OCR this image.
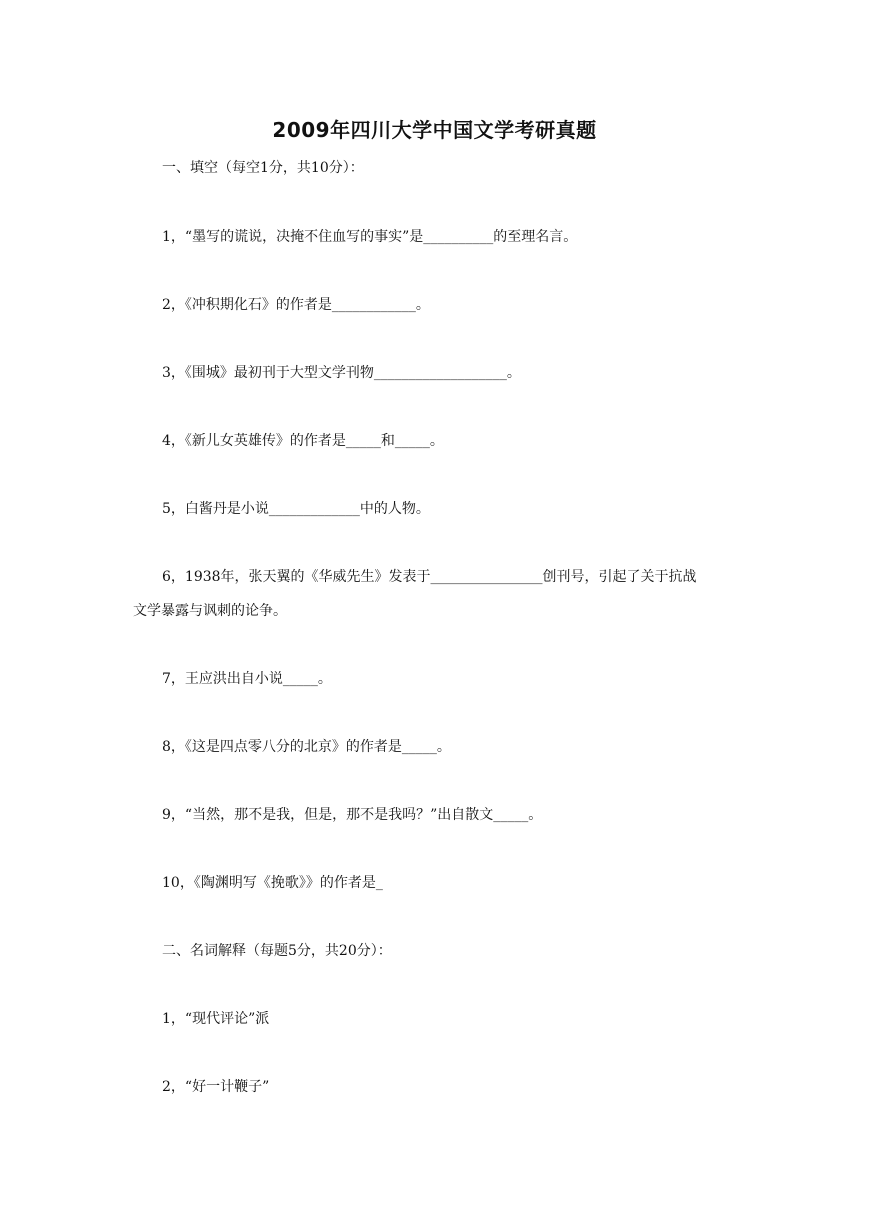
2009年四川大学中国文学考研真题
一、填空（每空1分，共10分）：
1，“墨写的谎说，决掩不住血写的事实”是__________的至理名言。
2，《冲积期化石》的作者是____________。
3，《围城》最初刊于大型文学刊物___________________。
4，《新儿女英雄传》的作者是_____和_____。
5，白酱丹是小说_____________中的人物。
6，1938年，张天翼的《华威先生》发表于________________创刊号，引起了关于抗战
文学暴露与讽刺的论争。
7，王应洪出自小说_____。
8，《这是四点零八分的北京》的作者是_____。
9，“当然，那不是我，但是，那不是我吗？”出自散文_____。
10，《陶渊明写《挽歌》》的作者是_
二、名词解释（每题5分，共20分）：
1，“现代评论”派
2，“好一计鞭子”
